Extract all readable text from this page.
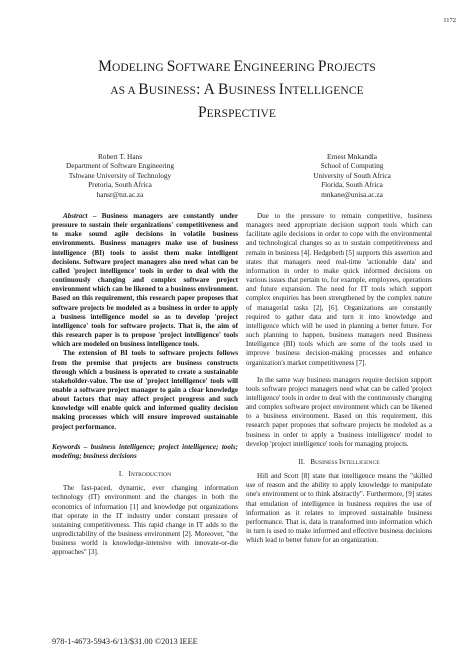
1172
MODELING SOFTWARE ENGINEERING PROJECTS
AS A BUSINESS: A BUSINESS INTELLIGENCE
PERSPECTIVE
Robert T. Hans
Department of Software Engineering
Tshwane University of Technology
Pretoria, South Africa
hansr@tut.ac.za
Ernest Mnkandla
School of Computing
University of South Africa
Florida, South Africa
mnkane@unisa.ac.za

Abstract – Business managers are constantly under pressure to sustain their organizations' competitiveness and to make sound agile decisions in volatile business environments. Business managers make use of business intelligence (BI) tools to assist them make intelligent decisions. Software project managers also need what can be called 'project intelligence' tools in order to deal with the continuously changing and complex software project environment which can be likened to a business environment. Based on this requirement, this research paper proposes that software projects be modeled as a business in order to apply a business intelligence model so as to develop 'project intelligence' tools for software projects. That is, the aim of this research paper is to propose 'project intelligence' tools which are modeled on business intelligence tools.

The extension of BI tools to software projects follows from the premise that projects are business constructs through which a business is operated to create a sustainable stakeholder-value. The use of 'project intelligence' tools will enable a software project manager to gain a clear knowledge about factors that may affect project progress and such knowledge will enable quick and informed quality decision making processes which will ensure improved sustainable project performance.

Keywords – business intelligence; project intelligence; tools; modeling; business decisions

I. INTRODUCTION

The fast-paced, dynamic, ever changing information technology (IT) environment and the changes in both the economics of information [1] and knowledge put organizations that operate in the IT industry under constant pressure of sustaining competitiveness. This rapid change in IT adds to the unpredictability of the business environment [2]. Moreover, "the business world is knowledge-intensive with innovate-or-die approaches" [3].

Due to the pressure to remain competitive, business managers need appropriate decision support tools which can facilitate agile decisions in order to cope with the environmental and technological changes so as to sustain competitiveness and remain in business [4]. Hedgebeth [5] supports this assertion and states that managers need real-time 'actionable data' and information in order to make quick informed decisions on various issues that pertain to, for example, employees, operations and future expansion. The need for IT tools which support complex enquiries has been strengthened by the complex nature of managerial tasks [2], [6]. Organizations are constantly required to gather data and turn it into knowledge and intelligence which will be used in planning a better future. For such planning to happen, business managers need Business Intelligence (BI) tools which are some of the tools used to improve business decision-making processes and enhance organization's market competitiveness [7].

In the same way business managers require decision support tools software project managers need what can be called 'project intelligence' tools in order to deal with the continuously changing and complex software project environment which can be likened to a business environment. Based on this requirement, this research paper proposes that software projects be modeled as a business in order to apply a 'business intelligence' model to develop 'project intelligence' tools for managing projects.

II. BUSINESS INTELLIGENCE

Hill and Scott [8] state that intelligence means the "skilled use of reason and the ability to apply knowledge to manipulate one's environment or to think abstractly". Furthermore, [9] states that emulation of intelligence in business requires the use of information as it relates to improved sustainable business performance. That is, data is transformed into information which in turn is used to make informed and effective business decisions which lead to better future for an organization.

978-1-4673-5943-6/13/$31.00 ©2013 IEEE
